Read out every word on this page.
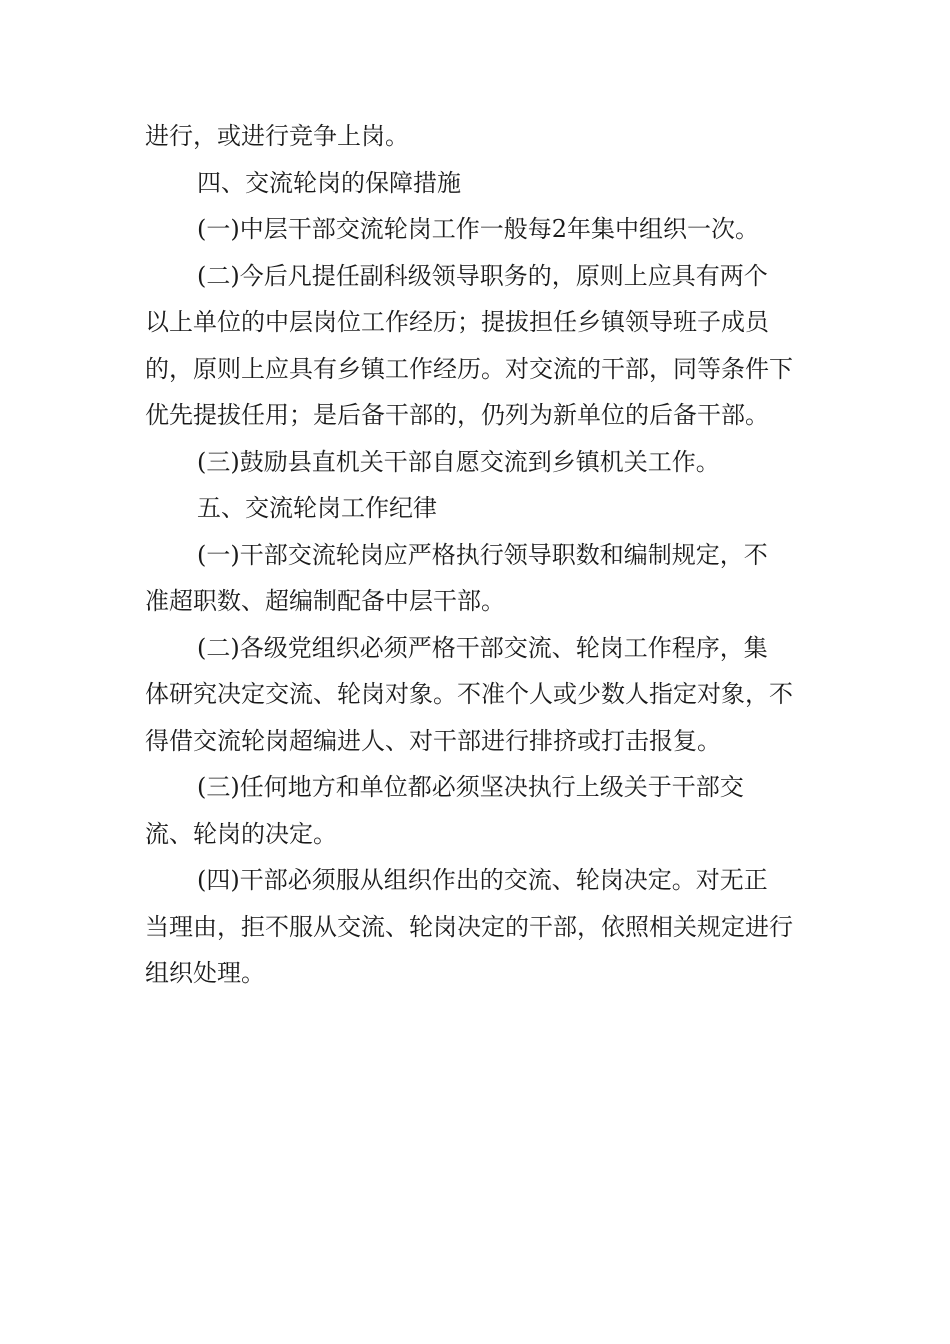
进行，或进行竞争上岗。
四、交流轮岗的保障措施
(一)中层干部交流轮岗工作一般每2年集中组织一次。
(二)今后凡提任副科级领导职务的，原则上应具有两个
以上单位的中层岗位工作经历；提拔担任乡镇领导班子成员
的，原则上应具有乡镇工作经历。对交流的干部，同等条件下
优先提拔任用；是后备干部的，仍列为新单位的后备干部。
(三)鼓励县直机关干部自愿交流到乡镇机关工作。
五、交流轮岗工作纪律
(一)干部交流轮岗应严格执行领导职数和编制规定，不
准超职数、超编制配备中层干部。
(二)各级党组织必须严格干部交流、轮岗工作程序，集
体研究决定交流、轮岗对象。不准个人或少数人指定对象，不
得借交流轮岗超编进人、对干部进行排挤或打击报复。
(三)任何地方和单位都必须坚决执行上级关于干部交
流、轮岗的决定。
(四)干部必须服从组织作出的交流、轮岗决定。对无正
当理由，拒不服从交流、轮岗决定的干部，依照相关规定进行
组织处理。
